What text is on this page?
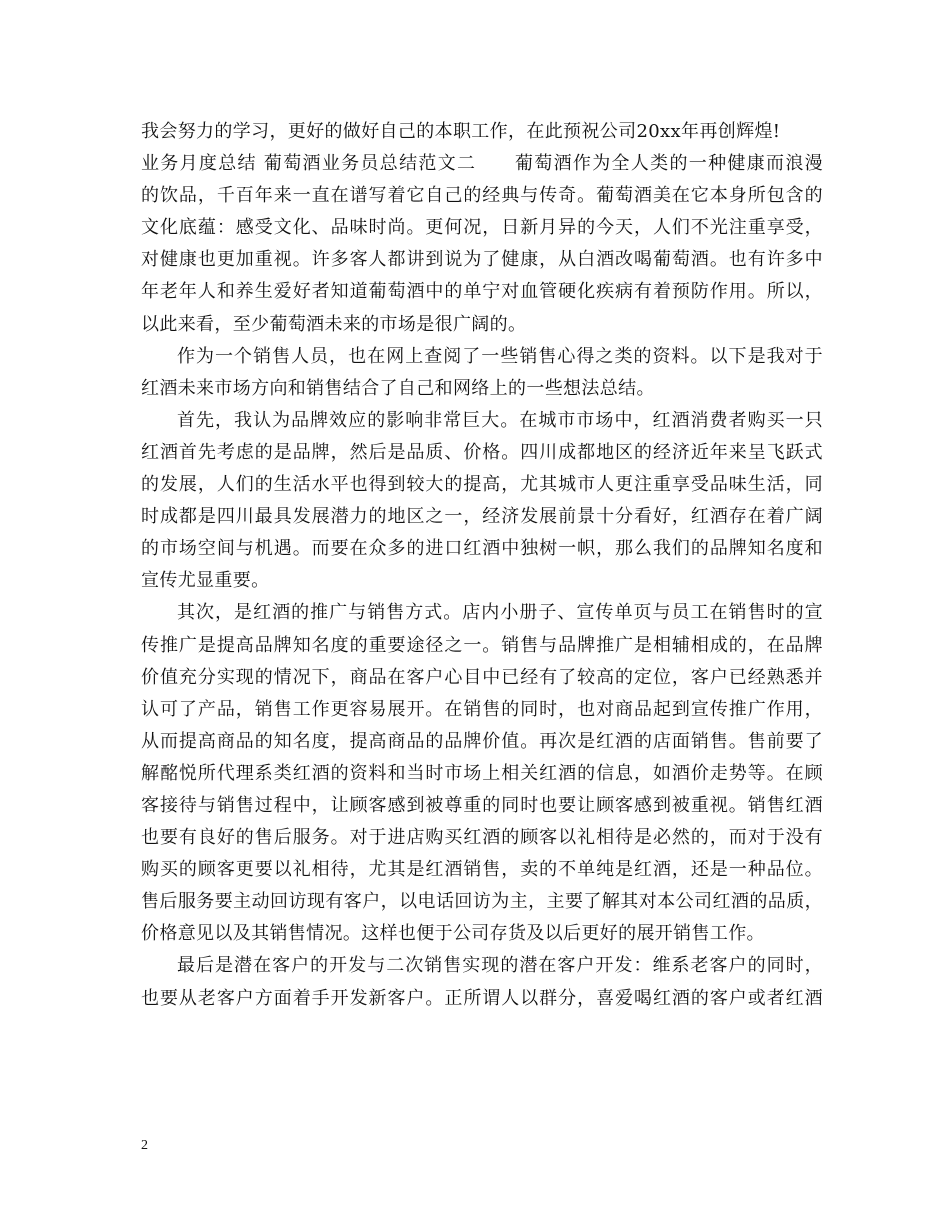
我会努力的学习，更好的做好自己的本职工作，在此预祝公司20xx年再创辉煌!

业务月度总结 葡萄酒业务员总结范文二　　葡萄酒作为全人类的一种健康而浪漫

的饮品，千百年来一直在谱写着它自己的经典与传奇。葡萄酒美在它本身所包含的

文化底蕴：感受文化、品味时尚。更何况，日新月异的今天，人们不光注重享受，

对健康也更加重视。许多客人都讲到说为了健康，从白酒改喝葡萄酒。也有许多中

年老年人和养生爱好者知道葡萄酒中的单宁对血管硬化疾病有着预防作用。所以，

以此来看，至少葡萄酒未来的市场是很广阔的。

作为一个销售人员，也在网上查阅了一些销售心得之类的资料。以下是我对于

红酒未来市场方向和销售结合了自己和网络上的一些想法总结。

首先，我认为品牌效应的影响非常巨大。在城市市场中，红酒消费者购买一只

红酒首先考虑的是品牌，然后是品质、价格。四川成都地区的经济近年来呈飞跃式

的发展，人们的生活水平也得到较大的提高，尤其城市人更注重享受品味生活，同

时成都是四川最具发展潜力的地区之一，经济发展前景十分看好，红酒存在着广阔

的市场空间与机遇。而要在众多的进口红酒中独树一帜，那么我们的品牌知名度和

宣传尤显重要。

其次，是红酒的推广与销售方式。店内小册子、宣传单页与员工在销售时的宣

传推广是提高品牌知名度的重要途径之一。销售与品牌推广是相辅相成的，在品牌

价值充分实现的情况下，商品在客户心目中已经有了较高的定位，客户已经熟悉并

认可了产品，销售工作更容易展开。在销售的同时，也对商品起到宣传推广作用，

从而提高商品的知名度，提高商品的品牌价值。再次是红酒的店面销售。售前要了

解酩悦所代理系类红酒的资料和当时市场上相关红酒的信息，如酒价走势等。在顾

客接待与销售过程中，让顾客感到被尊重的同时也要让顾客感到被重视。销售红酒

也要有良好的售后服务。对于进店购买红酒的顾客以礼相待是必然的，而对于没有

购买的顾客更要以礼相待，尤其是红酒销售，卖的不单纯是红酒，还是一种品位。

售后服务要主动回访现有客户，以电话回访为主，主要了解其对本公司红酒的品质，

价格意见以及其销售情况。这样也便于公司存货及以后更好的展开销售工作。

最后是潜在客户的开发与二次销售实现的潜在客户开发：维系老客户的同时，

也要从老客户方面着手开发新客户。正所谓人以群分，喜爱喝红酒的客户或者红酒

2
